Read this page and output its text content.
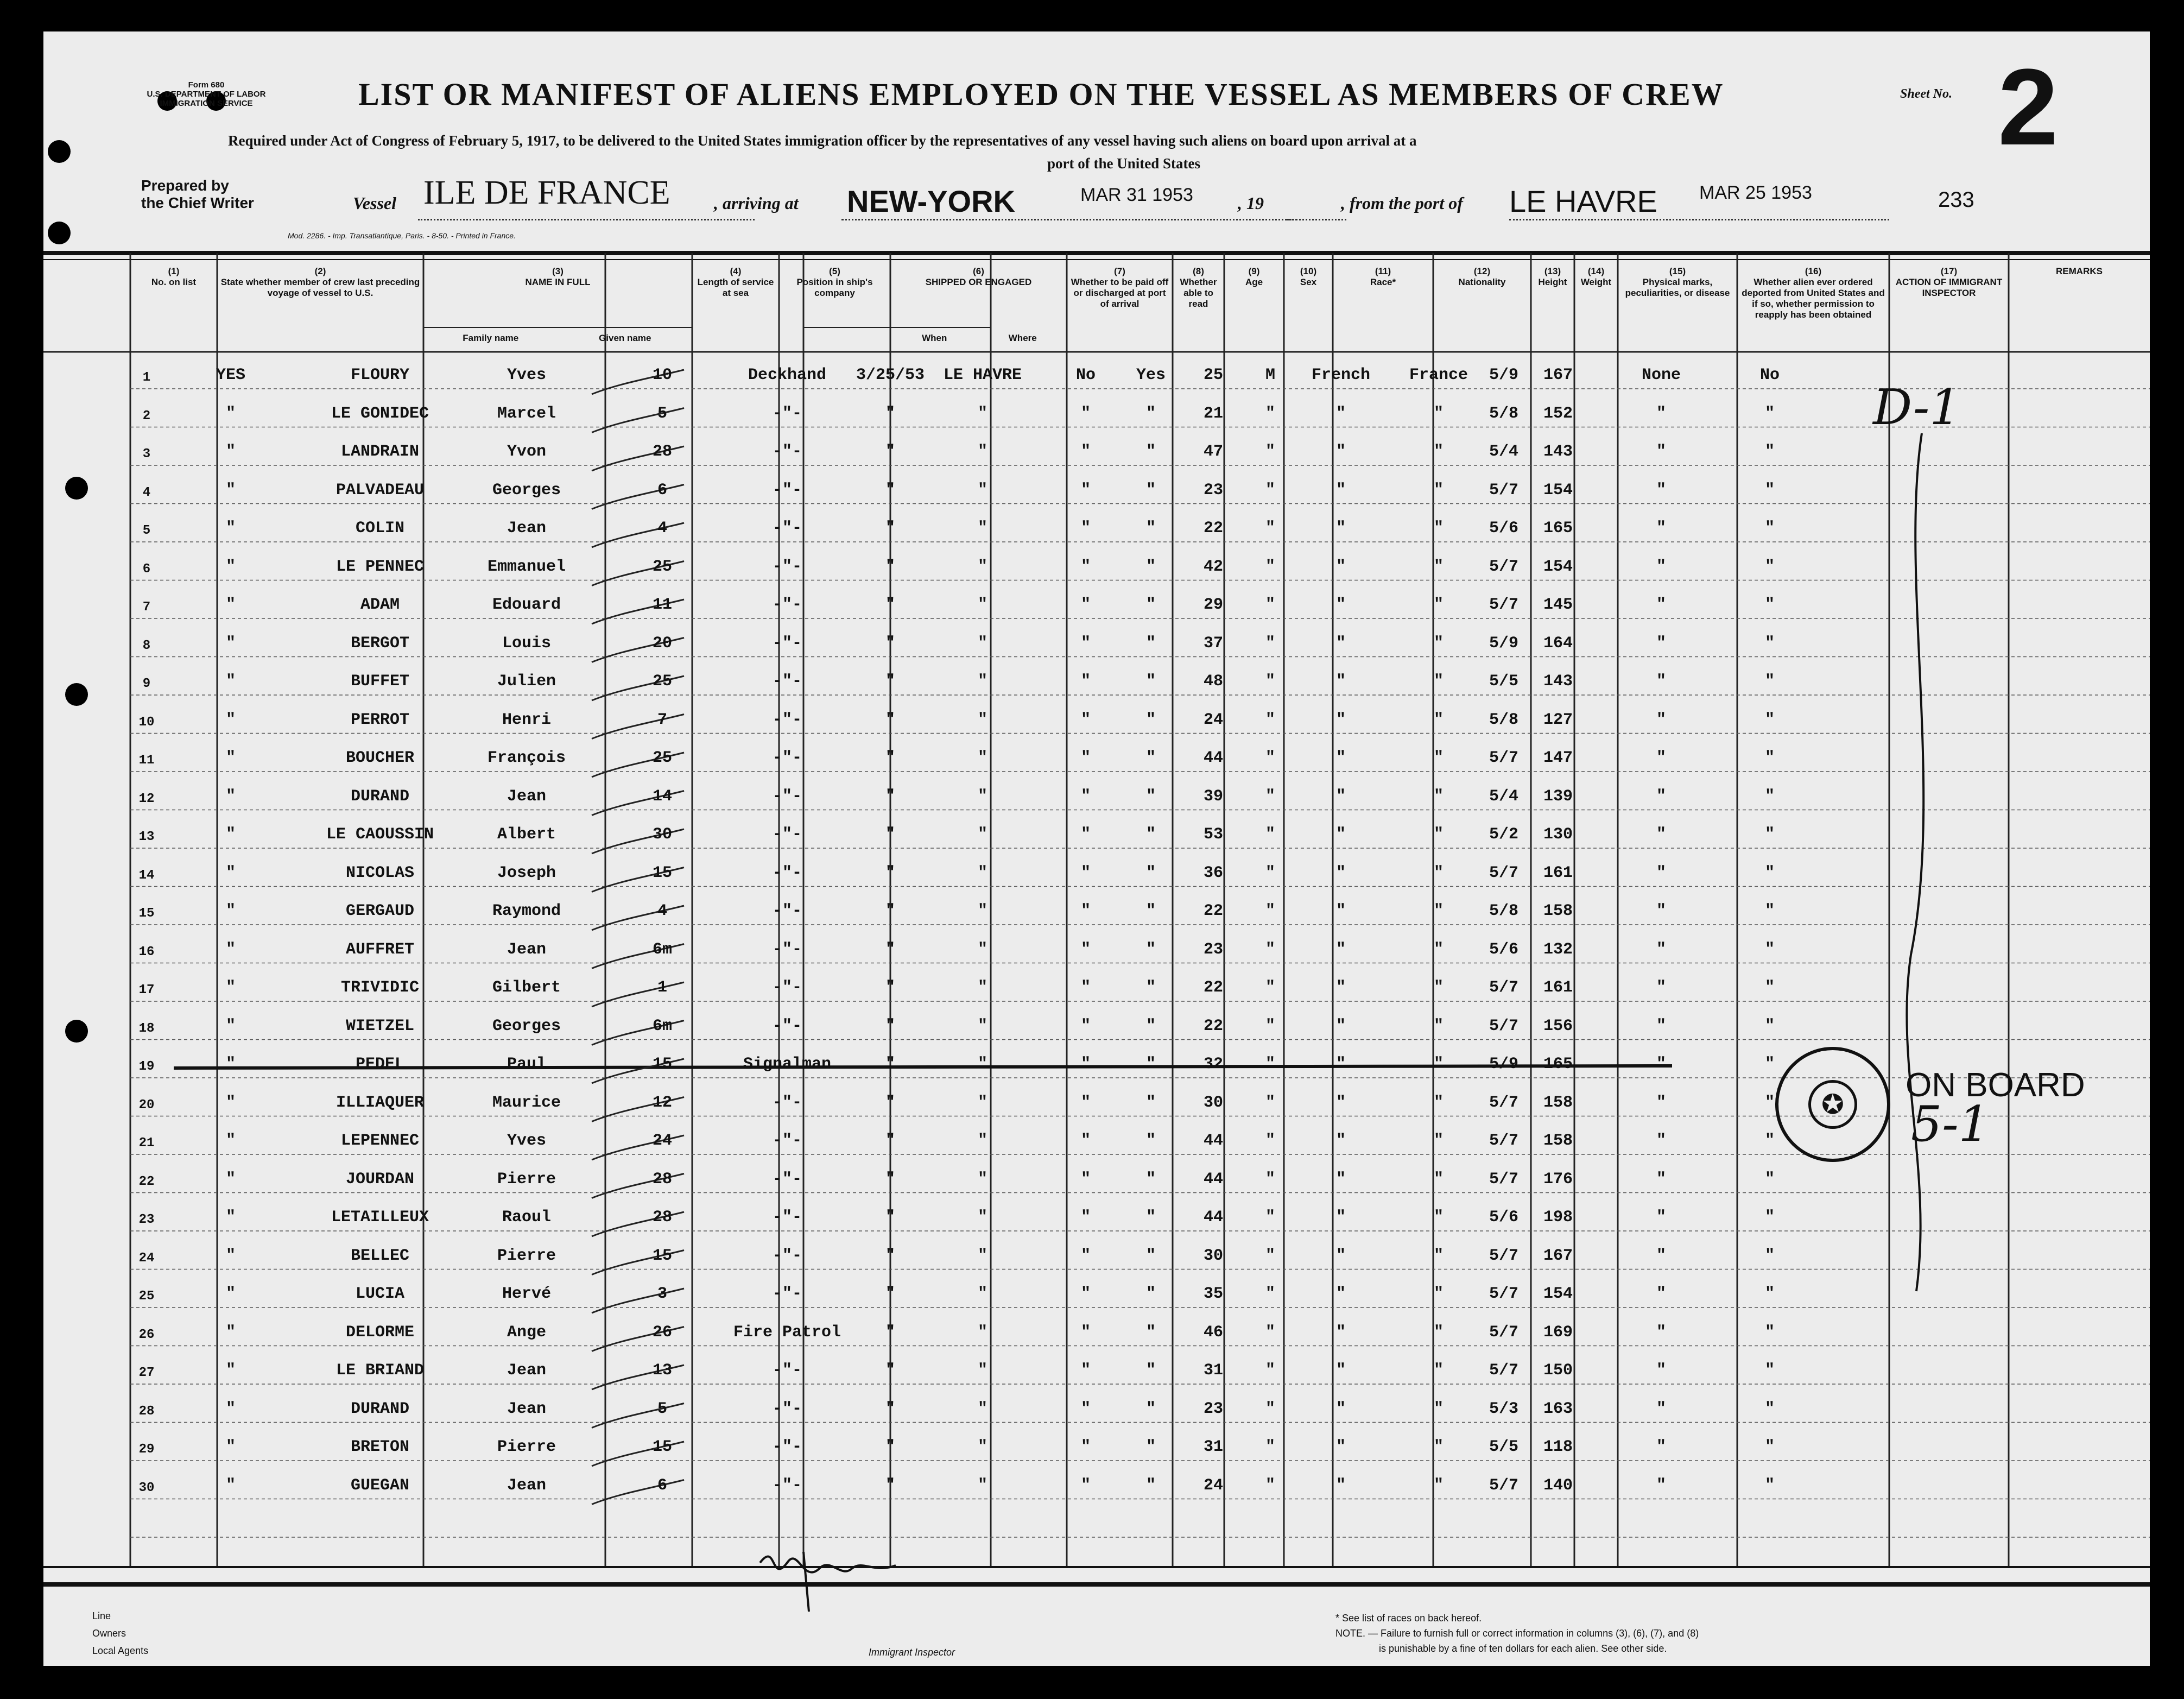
Form 680
U.S. DEPARTMENT OF LABOR
IMMIGRATION SERVICE	LIST OR MANIFEST OF ALIENS EMPLOYED ON THE VESSEL AS MEMBERS OF CREW	Sheet No. 2
Required under Act of Congress of February 5, 1917, to be delivered to the United States immigration officer by the representatives of any vessel having such aliens on board upon arrival at a
port of the United States
Prepared by
the Chief Writer	Vessel ILE DE FRANCE	, arriving at NEW-YORK	MAR 31 1953	, 19	, from the port of LE HAVRE MAR 25 1953	233
Mod. 2286. - Imp. Transatlantique, Paris. - 8-50. - Printed in France.
(1)
No. on list
(2)
State whether member of crew last preceding voyage of vessel to U.S.
(3)
NAME IN FULL
Family name	Given name
(4)
Length of service at sea
(5)
Position in ship's company
(6)
SHIPPED OR ENGAGED
When	Where
(7)
Whether to be paid off or discharged at port of arrival
(8)
Whether able to read
(9)
Age
(10)
Sex
(11)
Race*
(12)
Nationality
(13)
Height
(14)
Weight
(15)
Physical marks, peculiarities, or disease
(16)
Whether alien ever ordered deported from United States and if so, whether permission to reapply has been obtained
(17)
ACTION OF IMMIGRANT INSPECTOR
REMARKS
1	YES	FLOURY	Yves	10	Deckhand	3/25/53	LE HAVRE	No	Yes	25	M	French	France	5/9	167	None	No
2	"	LE GONIDEC	Marcel	5	-"-	"	"	"	"	21	"	"	"	5/8	152	"	"
3	"	LANDRAIN	Yvon	28	-"-	"	"	"	"	47	"	"	"	5/4	143	"	"
4	"	PALVADEAU	Georges	6	-"-	"	"	"	"	23	"	"	"	5/7	154	"	"
5	"	COLIN	Jean	4	-"-	"	"	"	"	22	"	"	"	5/6	165	"	"
6	"	LE PENNEC	Emmanuel	25	-"-	"	"	"	"	42	"	"	"	5/7	154	"	"
7	"	ADAM	Edouard	11	-"-	"	"	"	"	29	"	"	"	5/7	145	"	"
8	"	BERGOT	Louis	20	-"-	"	"	"	"	37	"	"	"	5/9	164	"	"
9	"	BUFFET	Julien	25	-"-	"	"	"	"	48	"	"	"	5/5	143	"	"
10	"	PERROT	Henri	7	-"-	"	"	"	"	24	"	"	"	5/8	127	"	"
11	"	BOUCHER	François	25	-"-	"	"	"	"	44	"	"	"	5/7	147	"	"
12	"	DURAND	Jean	14	-"-	"	"	"	"	39	"	"	"	5/4	139	"	"
13	"	LE CAOUSSIN	Albert	30	-"-	"	"	"	"	53	"	"	"	5/2	130	"	"
14	"	NICOLAS	Joseph	15	-"-	"	"	"	"	36	"	"	"	5/7	161	"	"
15	"	GERGAUD	Raymond	4	-"-	"	"	"	"	22	"	"	"	5/8	158	"	"
16	"	AUFFRET	Jean	6m	-"-	"	"	"	"	23	"	"	"	5/6	132	"	"
17	"	TRIVIDIC	Gilbert	1	-"-	"	"	"	"	22	"	"	"	5/7	161	"	"
18	"	WIETZEL	Georges	6m	-"-	"	"	"	"	22	"	"	"	5/7	156	"	"
19	"	PEDEL	Paul	15	Signalman	"	"	"	"	32	"	"	"	5/9	165	"	"
20	"	ILLIAQUER	Maurice	12	-"-	"	"	"	"	30	"	"	"	5/7	158	"	"
21	"	LEPENNEC	Yves	24	-"-	"	"	"	"	44	"	"	"	5/7	158	"	"
22	"	JOURDAN	Pierre	28	-"-	"	"	"	"	44	"	"	"	5/7	176	"	"
23	"	LETAILLEUX	Raoul	28	-"-	"	"	"	"	44	"	"	"	5/6	198	"	"
24	"	BELLEC	Pierre	15	-"-	"	"	"	"	30	"	"	"	5/7	167	"	"
25	"	LUCIA	Hervé	3	-"-	"	"	"	"	35	"	"	"	5/7	154	"	"
26	"	DELORME	Ange	26	Fire Patrol	"	"	"	"	46	"	"	"	5/7	169	"	"
27	"	LE BRIAND	Jean	13	-"-	"	"	"	"	31	"	"	"	5/7	150	"	"
28	"	DURAND	Jean	5	-"-	"	"	"	"	23	"	"	"	5/3	163	"	"
29	"	BRETON	Pierre	15	-"-	"	"	"	"	31	"	"	"	5/5	118	"	"
30	"	GUEGAN	Jean	6	-"-	"	"	"	"	24	"	"	"	5/7	140	"	"
D-1
✪
ON BOARD
5-1
Line
Owners
Local Agents	Immigrant Inspector
* See list of races on back hereof.
NOTE. — Failure to furnish full or correct information in columns (3), (6), (7), and (8)
is punishable by a fine of ten dollars for each alien. See other side.
